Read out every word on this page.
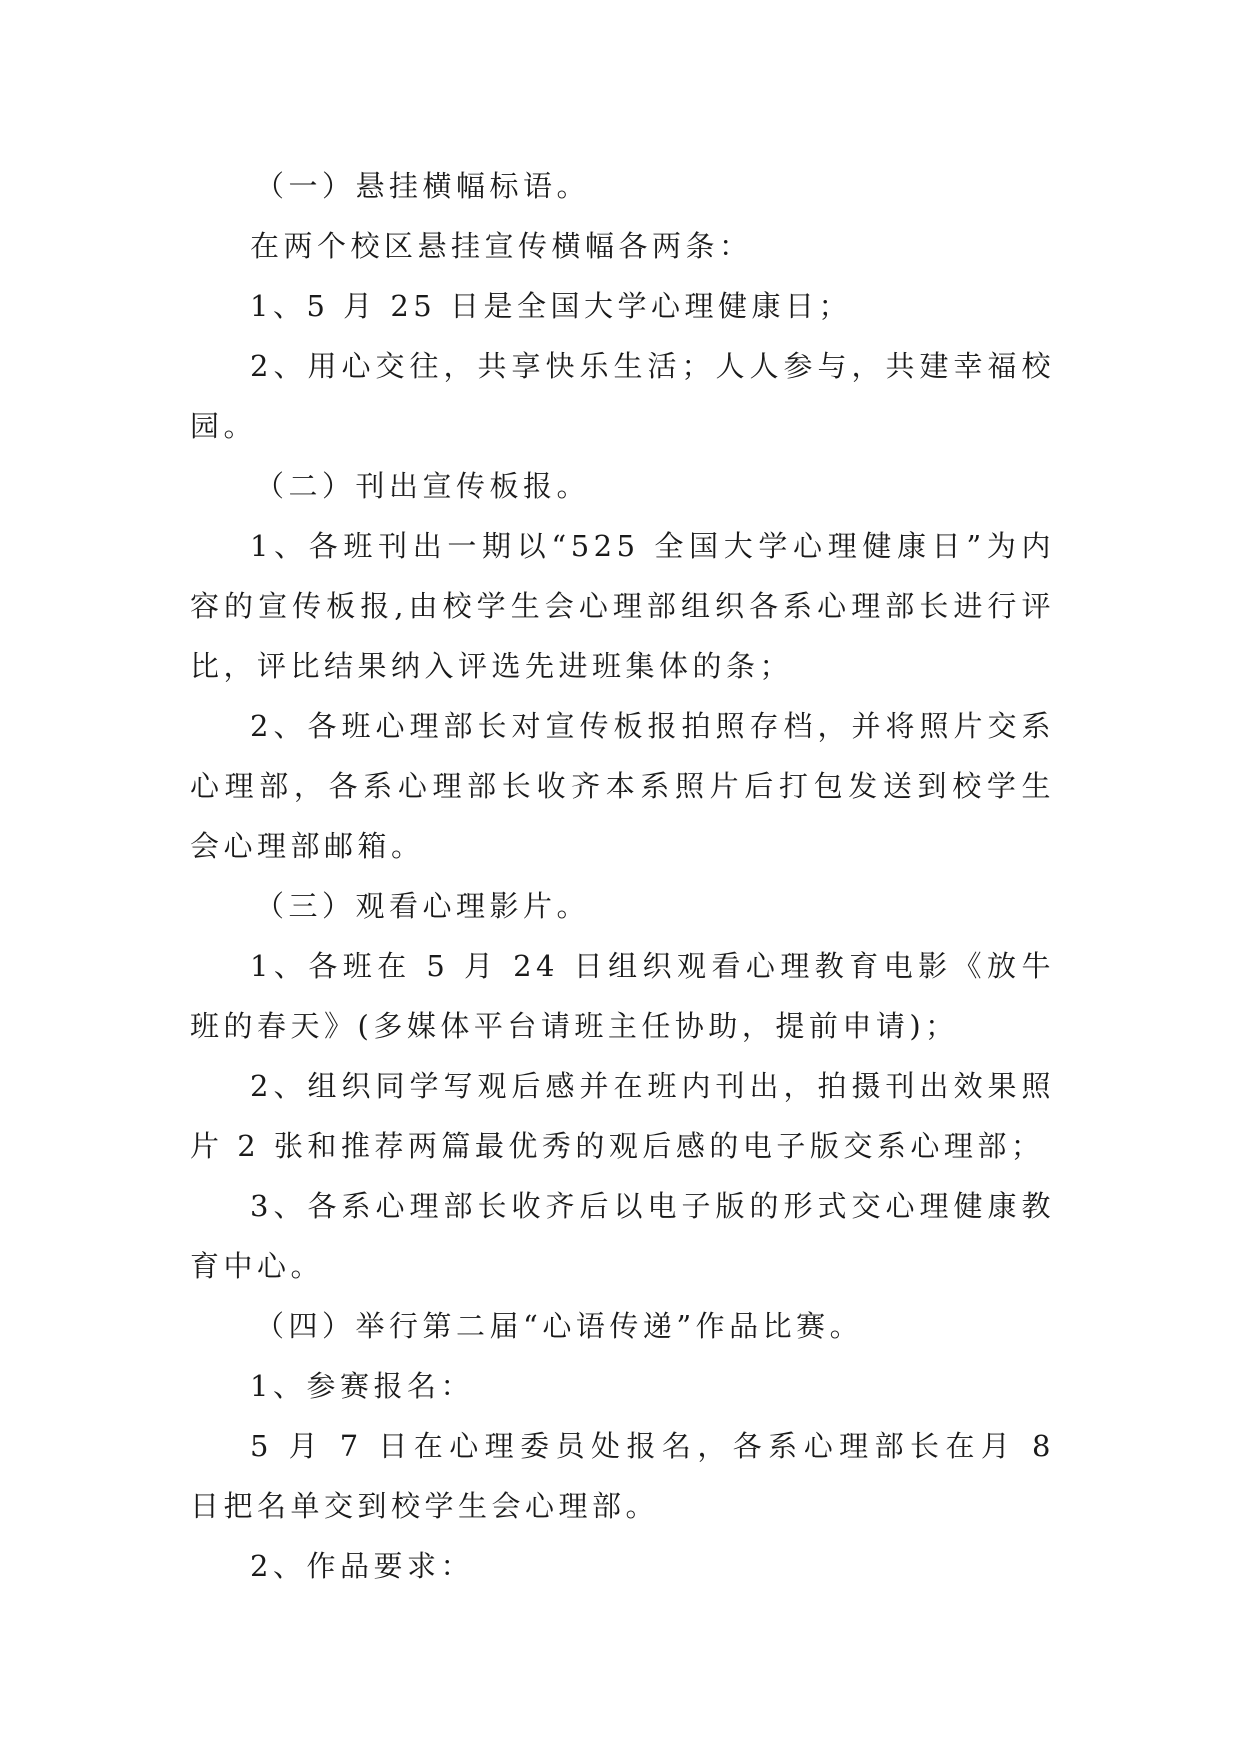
（一）悬挂横幅标语。

在两个校区悬挂宣传横幅各两条：

1、5 月 25 日是全国大学心理健康日；

2、用心交往，共享快乐生活；人人参与，共建幸福校园。

（二）刊出宣传板报。

1、各班刊出一期以“525 全国大学心理健康日”为内容的宣传板报,由校学生会心理部组织各系心理部长进行评比，评比结果纳入评选先进班集体的条；

2、各班心理部长对宣传板报拍照存档，并将照片交系心理部，各系心理部长收齐本系照片后打包发送到校学生会心理部邮箱。

（三）观看心理影片。

1、各班在 5 月 24 日组织观看心理教育电影《放牛班的春天》(多媒体平台请班主任协助，提前申请)；

2、组织同学写观后感并在班内刊出，拍摄刊出效果照片 2 张和推荐两篇最优秀的观后感的电子版交系心理部；

3、各系心理部长收齐后以电子版的形式交心理健康教育中心。

（四）举行第二届“心语传递”作品比赛。

1、参赛报名：

5 月 7 日在心理委员处报名，各系心理部长在月 8 日把名单交到校学生会心理部。

2、作品要求：
